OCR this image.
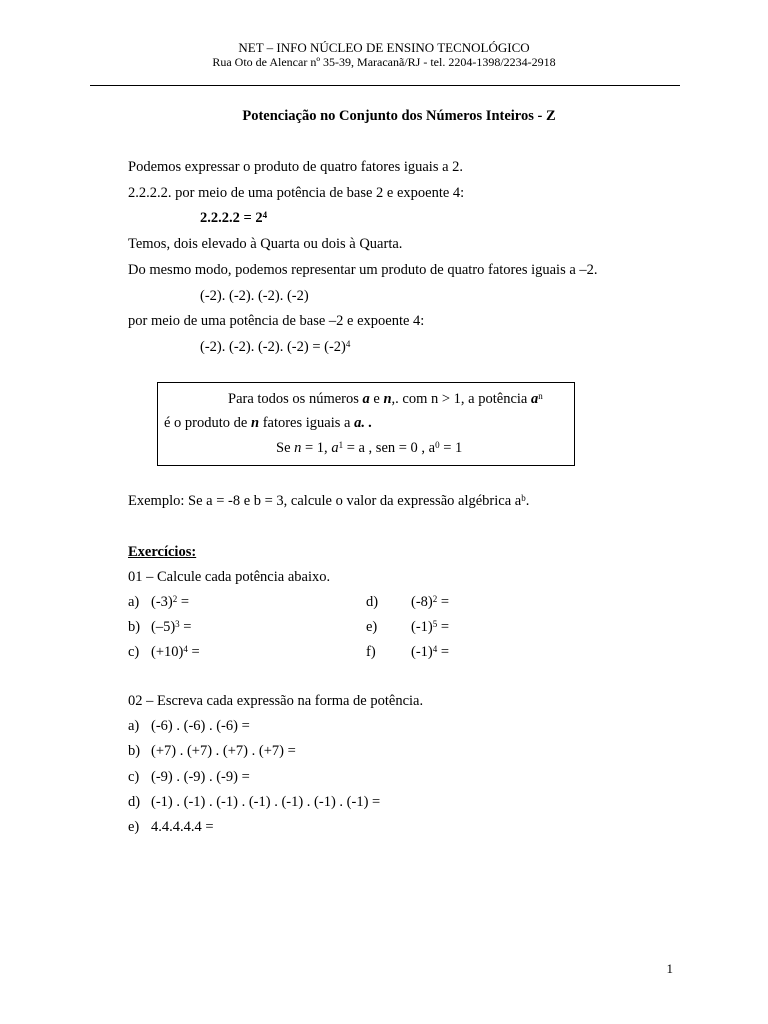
NET – INFO NÚCLEO DE ENSINO TECNOLÓGICO
Rua Oto de Alencar nº 35-39, Maracanã/RJ - tel. 2204-1398/2234-2918
Potenciação no Conjunto dos Números Inteiros - Z
Podemos expressar o produto de quatro fatores iguais a 2.
2.2.2.2. por meio de uma potência de base 2 e expoente 4:
$2.2.2.2 = 2^4$
Temos, dois elevado à Quarta ou dois à Quarta.
Do mesmo modo, podemos representar um produto de quatro fatores iguais a –2.
(-2). (-2). (-2). (-2)
por meio de uma potência de base –2 e expoente 4:
(-2). (-2). (-2). $(-2) = (-2)^4$
Para todos os números a e n,. com n > 1, a potência $a^n$
é o produto de n fatores iguais a a. .
Se n = 1, $a^1 = a$ , sen = 0 , $a^0 = 1$
Exemplo: Se a = -8 e b = 3, calcule o valor da expressão algébrica $a^b$.
Exercícios:
01 – Calcule cada potência abaixo.
a) $(-3)^2$ =
b) $(-5)^3$ =
c) $(+10)^4$ =
d) $(-8)^2$ =
e) $(-1)^5$ =
f) $(-1)^4$ =
02 – Escreva cada expressão na forma de potência.
a) (-6) . (-6) . (-6) =
b) (+7) . (+7) . (+7) . (+7) =
c) (-9) . (-9) . (-9) =
d) (-1) . (-1) . (-1) . (-1) . (-1) . (-1) . (-1) =
e) 4.4.4.4.4 =
1
